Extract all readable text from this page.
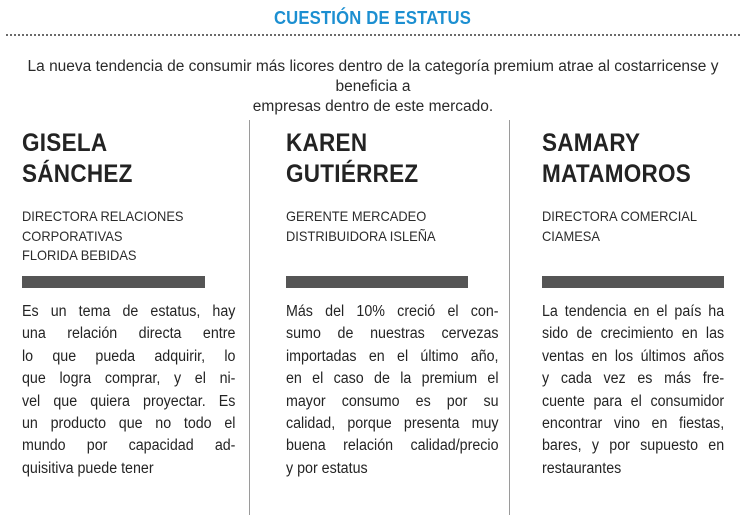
CUESTIÓN DE ESTATUS
La nueva tendencia de consumir más licores dentro de la categoría premium atrae al costarricense y beneficia a
empresas dentro de este mercado.
GISELA
SÁNCHEZ
DIRECTORA RELACIONES
CORPORATIVAS
FLORIDA BEBIDAS
Es un tema de estatus, hay
una relación directa entre
lo que pueda adquirir, lo
que logra comprar, y el ni-
vel que quiera proyectar. Es
un producto que no todo el
mundo por capacidad ad-
quisitiva puede tener
KAREN
GUTIÉRREZ
GERENTE MERCADEO
DISTRIBUIDORA ISLEÑA
Más del 10% creció el con-
sumo de nuestras cervezas
importadas en el último año,
en el caso de la premium el
mayor consumo es por su
calidad, porque presenta muy
buena relación calidad/precio
y por estatus
SAMARY
MATAMOROS
DIRECTORA COMERCIAL
CIAMESA
La tendencia en el país ha
sido de crecimiento en las
ventas en los últimos años
y cada vez es más fre-
cuente para el consumidor
encontrar vino en fiestas,
bares, y por supuesto en
restaurantes
